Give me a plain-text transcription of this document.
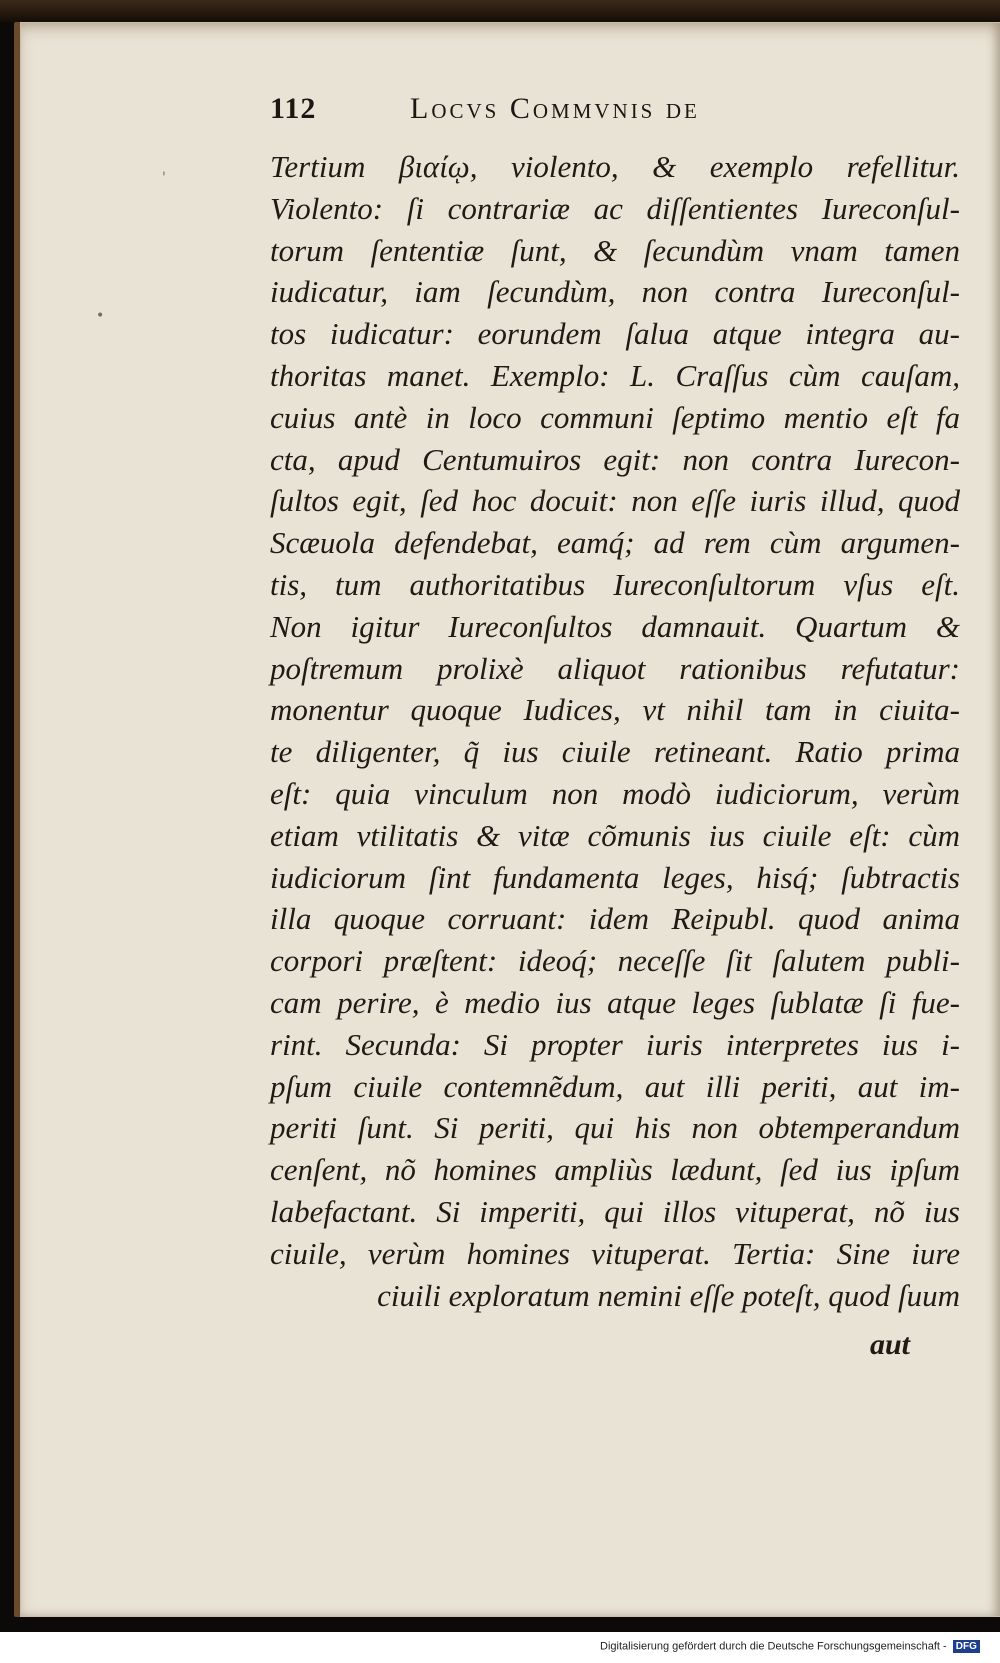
'
•
112	Locvs Commvnis de
Tertium βιαίῳ, violento, & exemplo refellitur.
Violento: ſi contrariæ ac diſſentientes Iureconſul-
torum ſententiæ ſunt, & ſecundùm vnam tamen
iudicatur, iam ſecundùm, non contra Iureconſul-
tos iudicatur: eorundem ſalua atque integra au-
thoritas manet. Exemplo: L. Craſſus cùm cauſam,
cuius antè in loco communi ſeptimo mentio eſt fa
cta, apud Centumuiros egit: non contra Iurecon-
ſultos egit, ſed hoc docuit: non eſſe iuris illud, quod
Scæuola defendebat, eamq́; ad rem cùm argumen-
tis, tum authoritatibus Iureconſultorum vſus eſt.
Non igitur Iureconſultos damnauit. Quartum &
poſtremum prolixè aliquot rationibus refutatur:
monentur quoque Iudices, vt nihil tam in ciuita-
te diligenter, q̃ ius ciuile retineant. Ratio prima
eſt: quia vinculum non modò iudiciorum, verùm
etiam vtilitatis & vitæ cõmunis ius ciuile eſt: cùm
iudiciorum ſint fundamenta leges, hisq́; ſubtractis
illa quoque corruant: idem Reipubl. quod anima
corpori præſtent: ideoq́; neceſſe ſit ſalutem publi-
cam perire, è medio ius atque leges ſublatæ ſi fue-
rint. Secunda: Si propter iuris interpretes ius i-
pſum ciuile contemnẽdum, aut illi periti, aut im-
periti ſunt. Si periti, qui his non obtemperandum
cenſent, nõ homines ampliùs lædunt, ſed ius ipſum
labefactant. Si imperiti, qui illos vituperat, nõ ius
ciuile, verùm homines vituperat. Tertia: Sine iure
ciuili exploratum nemini eſſe poteſt, quod ſuum
aut
Digitalisierung gefördert durch die Deutsche Forschungsgemeinschaft - DFG
